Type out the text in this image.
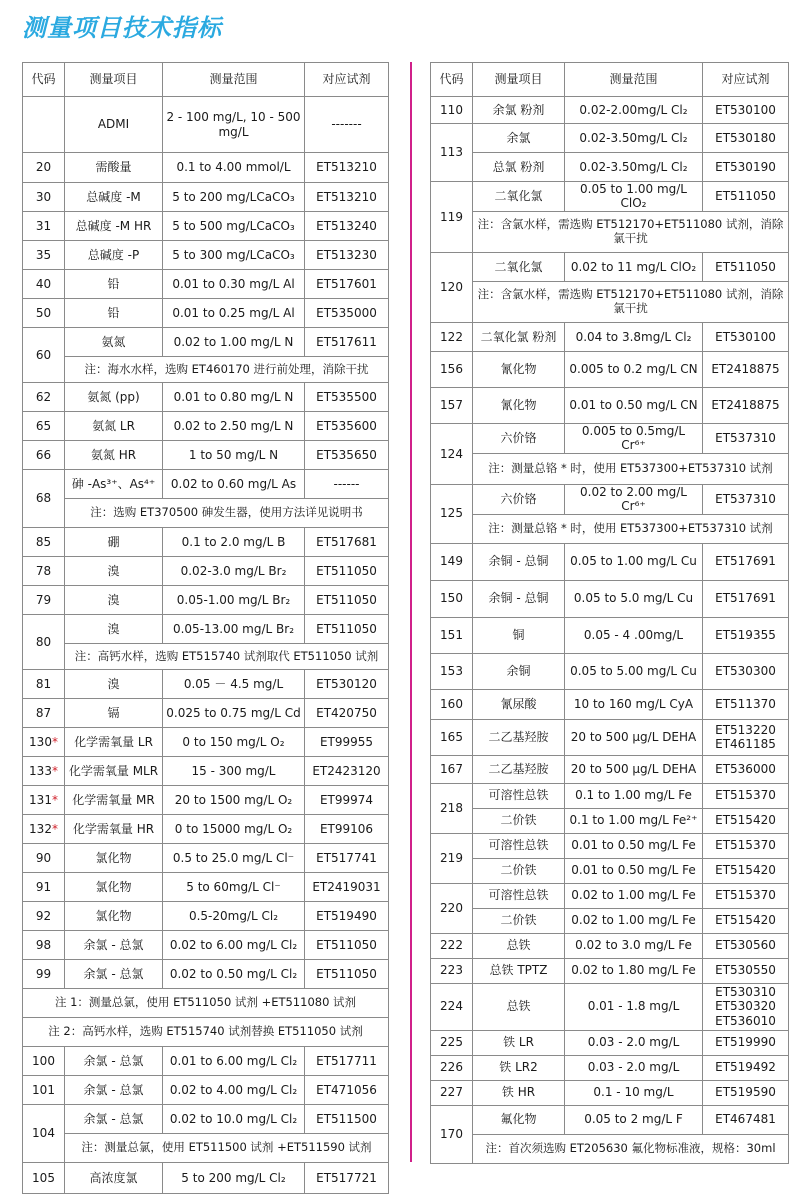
测量项目技术指标
代码	测量项目	测量范围	对应试剂
	ADMI	2 - 100 mg/L, 10 - 500 mg/L	-------
20	需酸量	0.1 to 4.00 mmol/L	ET513210
30	总碱度 -M	5 to 200 mg/LCaCO₃	ET513210
31	总碱度 -M HR	5 to 500 mg/LCaCO₃	ET513240
35	总碱度 -P	5 to 300 mg/LCaCO₃	ET513230
40	铅	0.01 to 0.30 mg/L Al	ET517601
50	铅	0.01 to 0.25 mg/L Al	ET535000
60	氨氮	0.02 to 1.00 mg/L N	ET517611
	注：海水水样，选购 ET460170 进行前处理，消除干扰		
62	氨氮 (pp)	0.01 to 0.80 mg/L N	ET535500
65	氨氮 LR	0.02 to 2.50 mg/L N	ET535600
66	氨氮 HR	1 to 50 mg/L N	ET535650
68	砷 -As³⁺、As⁴⁺	0.02 to 0.60 mg/L As	------
	注：选购 ET370500 砷发生器，使用方法详见说明书		
85	硼	0.1 to 2.0 mg/L B	ET517681
78	溴	0.02-3.0 mg/L Br₂	ET511050
79	溴	0.05-1.00 mg/L Br₂	ET511050
80	溴	0.05-13.00 mg/L Br₂	ET511050
	注：高钙水样，选购 ET515740 试剂取代 ET511050 试剂		
81	溴	0.05 － 4.5 mg/L	ET530120
87	镉	0.025 to 0.75 mg/L Cd	ET420750
130*	化学需氧量 LR	0 to 150 mg/L O₂	ET99955
133*	化学需氧量 MLR	15 - 300 mg/L	ET2423120
131*	化学需氧量 MR	20 to 1500 mg/L O₂	ET99974
132*	化学需氧量 HR	0 to 15000 mg/L O₂	ET99106
90	氯化物	0.5 to 25.0 mg/L Cl⁻	ET517741
91	氯化物	5 to 60mg/L Cl⁻	ET2419031
92	氯化物	0.5-20mg/L Cl₂	ET519490
98	余氯 - 总氯	0.02 to 6.00 mg/L Cl₂	ET511050
99	余氯 - 总氯	0.02 to 0.50 mg/L Cl₂	ET511050
注 1：测量总氯，使用 ET511050 试剂 +ET511080 试剂			
注 2：高钙水样，选购 ET515740 试剂替换 ET511050 试剂			
100	余氯 - 总氯	0.01 to 6.00 mg/L Cl₂	ET517711
101	余氯 - 总氯	0.02 to 4.00 mg/L Cl₂	ET471056
104	余氯 - 总氯	0.02 to 10.0 mg/L Cl₂	ET511500
	注：测量总氯，使用 ET511500 试剂 +ET511590 试剂		
105	高浓度氯	5 to 200 mg/L Cl₂	ET517721
代码	测量项目	测量范围	对应试剂
110	余氯 粉剂	0.02-2.00mg/L Cl₂	ET530100
113	余氯	0.02-3.50mg/L Cl₂	ET530180
	总氯 粉剂	0.02-3.50mg/L Cl₂	ET530190
119	二氧化氯	0.05 to 1.00 mg/L ClO₂	ET511050
	注：含氯水样，需选购 ET512170+ET511080 试剂，消除氯干扰		
120	二氧化氯	0.02 to 11 mg/L ClO₂	ET511050
	注：含氯水样，需选购 ET512170+ET511080 试剂，消除氯干扰		
122	二氧化氯 粉剂	0.04 to 3.8mg/L Cl₂	ET530100
156	氰化物	0.005 to 0.2 mg/L CN	ET2418875
157	氰化物	0.01 to 0.50 mg/L CN	ET2418875
124	六价铬	0.005 to 0.5mg/L Cr⁶⁺	ET537310
	注：测量总铬 * 时，使用 ET537300+ET537310 试剂		
125	六价铬	0.02 to 2.00 mg/L Cr⁶⁺	ET537310
	注：测量总铬 * 时，使用 ET537300+ET537310 试剂		
149	余铜 - 总铜	0.05 to 1.00 mg/L Cu	ET517691
150	余铜 - 总铜	0.05 to 5.0 mg/L Cu	ET517691
151	铜	0.05 - 4 .00mg/L	ET519355
153	余铜	0.05 to 5.00 mg/L Cu	ET530300
160	氰尿酸	10 to 160 mg/L CyA	ET511370
165	二乙基羟胺	20 to 500 μg/L DEHA	ET513220 ET461185
167	二乙基羟胺	20 to 500 μg/L DEHA	ET536000
218	可溶性总铁	0.1 to 1.00 mg/L Fe	ET515370
	二价铁	0.1 to 1.00 mg/L Fe²⁺	ET515420
219	可溶性总铁	0.01 to 0.50 mg/L Fe	ET515370
	二价铁	0.01 to 0.50 mg/L Fe	ET515420
220	可溶性总铁	0.02 to 1.00 mg/L Fe	ET515370
	二价铁	0.02 to 1.00 mg/L Fe	ET515420
222	总铁	0.02 to 3.0 mg/L Fe	ET530560
223	总铁 TPTZ	0.02 to 1.80 mg/L Fe	ET530550
224	总铁	0.01 - 1.8 mg/L	ET530310 ET530320 ET536010
225	铁 LR	0.03 - 2.0 mg/L	ET519990
226	铁 LR2	0.03 - 2.0 mg/L	ET519492
227	铁 HR	0.1 - 10 mg/L	ET519590
170	氟化物	0.05 to 2 mg/L F	ET467481
	注：首次须选购 ET205630 氟化物标准液，规格：30ml		
